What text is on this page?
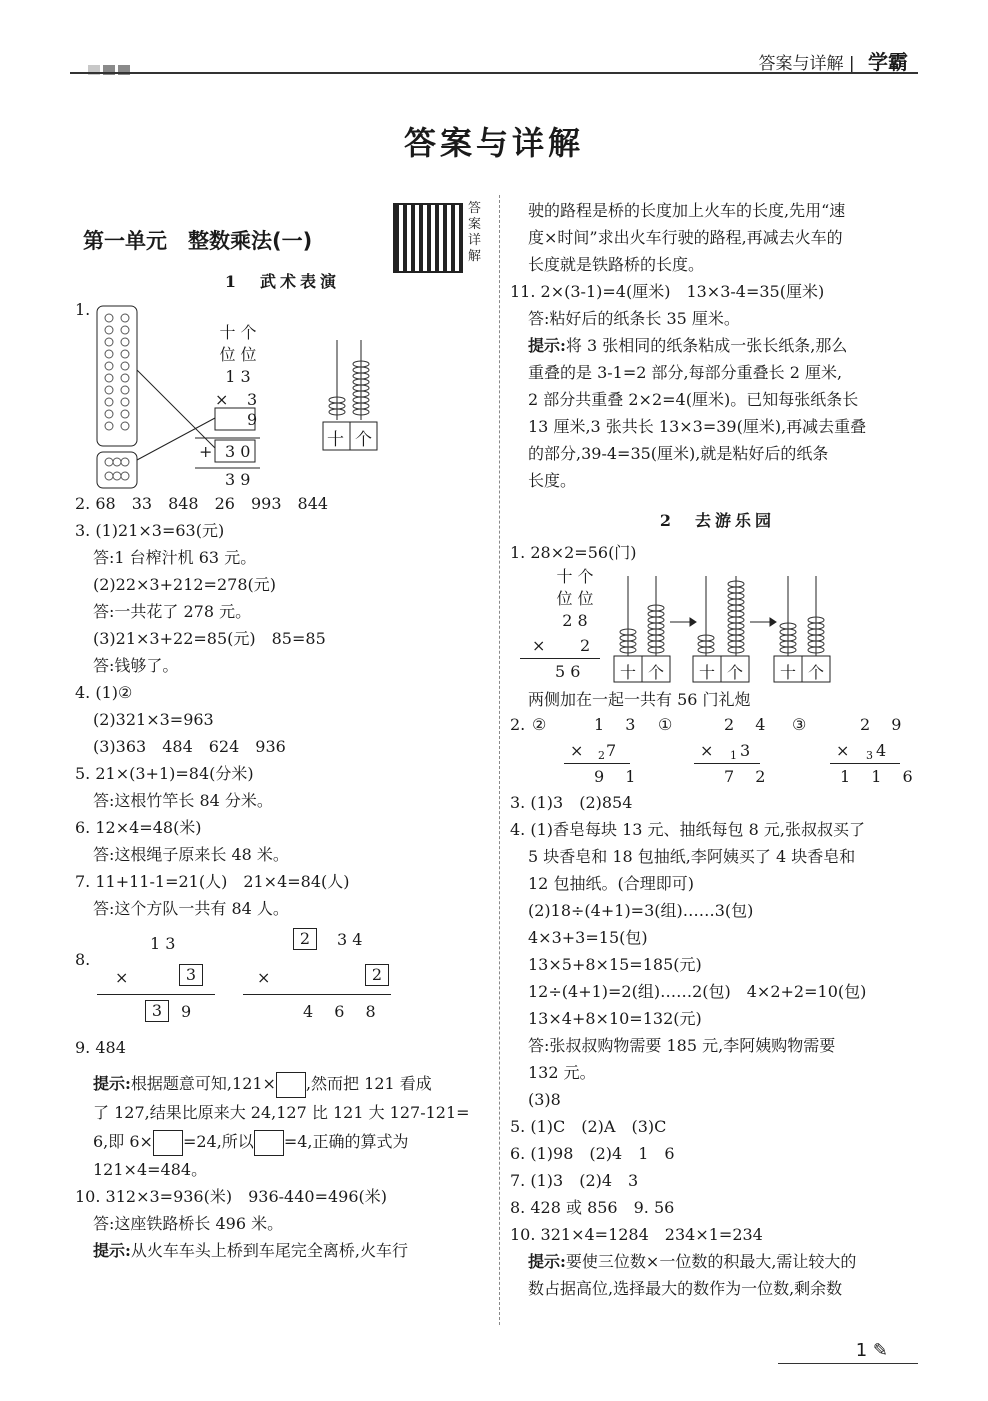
答案与详解 | 学霸
答案与详解
第一单元　整数乘法(一)
答案详解
1　武术表演
1.
十 个
位 位
1 3
× 3
9
+ 3 0
3 9
十 个
2. 68　33　848　26　993　844
3. (1)21×3=63(元)
答:1 台榨汁机 63 元。
(2)22×3+212=278(元)
答:一共花了 278 元。
(3)21×3+22=85(元)　85=85
答:钱够了。
4. (1)②
(2)321×3=963
(3)363　484　624　936
5. 21×(3+1)=84(分米)
答:这根竹竿长 84 分米。
6. 12×4=48(米)
答:这根绳子原来长 48 米。
7. 11+11-1=21(人)　21×4=84(人)
答:这个方队一共有 84 人。
8.
1 3
×	3
3	9
2	3 4
×	2
4 6 8
9. 484
提示:根据题意可知,121× ,然而把 121 看成
了 127,结果比原来大 24,127 比 121 大 127-121=
6,即 6× =24,所以 =4,正确的算式为
121×4=484。
10. 312×3=936(米)　936-440=496(米)
答:这座铁路桥长 496 米。
提示:从火车车头上桥到车尾完全离桥,火车行
驶的路程是桥的长度加上火车的长度,先用“速
度×时间”求出火车行驶的路程,再减去火车的
长度就是铁路桥的长度。
11. 2×(3-1)=4(厘米)　13×3-4=35(厘米)
答:粘好后的纸条长 35 厘米。
提示:将 3 张相同的纸条粘成一张长纸条,那么
重叠的是 3-1=2 部分,每部分重叠长 2 厘米,
2 部分共重叠 2×2=4(厘米)。已知每张纸条长
13 厘米,3 张共长 13×3=39(厘米),再减去重叠
的部分,39-4=35(厘米),就是粘好后的纸条
长度。
2　去游乐园
1. 28×2=56(门)
十 个
位 位
2 8
× 2
5 6 十 个 十 个 十 个
两侧加在一起一共有 56 门礼炮
2. ②	1 3
× 2 7
9 1
①	2 4
× 1 3
7 2
③	2 9
× 3 4
1 1 6
3. (1)3　(2)854
4. (1)香皂每块 13 元、抽纸每包 8 元,张叔叔买了
5 块香皂和 18 包抽纸,李阿姨买了 4 块香皂和
12 包抽纸。(合理即可)
(2)18÷(4+1)=3(组)……3(包)
4×3+3=15(包)
13×5+8×15=185(元)
12÷(4+1)=2(组)……2(包)　4×2+2=10(包)
13×4+8×10=132(元)
答:张叔叔购物需要 185 元,李阿姨购物需要
132 元。
(3)8
5. (1)C　(2)A　(3)C
6. (1)98　(2)4　1　6
7. (1)3　(2)4　3
8. 428 或 856　9. 56
10. 321×4=1284　234×1=234
提示:要使三位数×一位数的积最大,需让较大的
数占据高位,选择最大的数作为一位数,剩余数
1 ✎
